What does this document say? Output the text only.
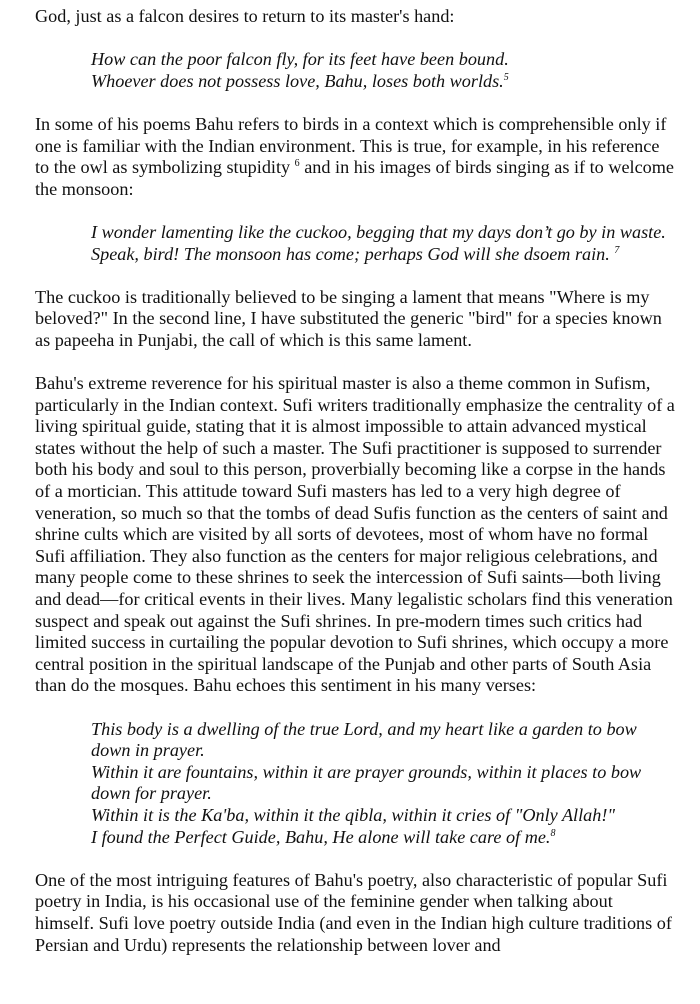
God, just as a falcon desires to return to its master's hand:

How can the poor falcon fly, for its feet have been bound.
Whoever does not possess love, Bahu, loses both worlds.$^5$

In some of his poems Bahu refers to birds in a context which is comprehensible only if one is familiar with the Indian environment. This is true, for example, in his reference to the owl as symbolizing stupidity $^6$ and in his images of birds singing as if to welcome the monsoon:

I wonder lamenting like the cuckoo, begging that my days don’t go by in waste.
Speak, bird! The monsoon has come; perhaps God will she dsoem rain. $^7$

The cuckoo is traditionally believed to be singing a lament that means "Where is my beloved?" In the second line, I have substituted the generic "bird" for a species known as papeeha in Punjabi, the call of which is this same lament.

Bahu's extreme reverence for his spiritual master is also a theme common in Sufism, particularly in the Indian context. Sufi writers traditionally emphasize the centrality of a living spiritual guide, stating that it is almost impossible to attain advanced mystical states without the help of such a master. The Sufi practitioner is supposed to surrender both his body and soul to this person, proverbially becoming like a corpse in the hands of a mortician. This attitude toward Sufi masters has led to a very high degree of veneration, so much so that the tombs of dead Sufis function as the centers of saint and shrine cults which are visited by all sorts of devotees, most of whom have no formal Sufi affiliation. They also function as the centers for major religious celebrations, and many people come to these shrines to seek the intercession of Sufi saints—both living and dead—for critical events in their lives. Many legalistic scholars find this veneration suspect and speak out against the Sufi shrines. In pre-modern times such critics had limited success in curtailing the popular devotion to Sufi shrines, which occupy a more central position in the spiritual landscape of the Punjab and other parts of South Asia than do the mosques. Bahu echoes this sentiment in his many verses:

This body is a dwelling of the true Lord, and my heart like a garden to bow down in prayer.
Within it are fountains, within it are prayer grounds, within it places to bow down for prayer.
Within it is the Ka'ba, within it the qibla, within it cries of "Only Allah!"
I found the Perfect Guide, Bahu, He alone will take care of me.$^8$

One of the most intriguing features of Bahu's poetry, also characteristic of popular Sufi poetry in India, is his occasional use of the feminine gender when talking about himself. Sufi love poetry outside India (and even in the Indian high culture traditions of Persian and Urdu) represents the relationship between lover and
